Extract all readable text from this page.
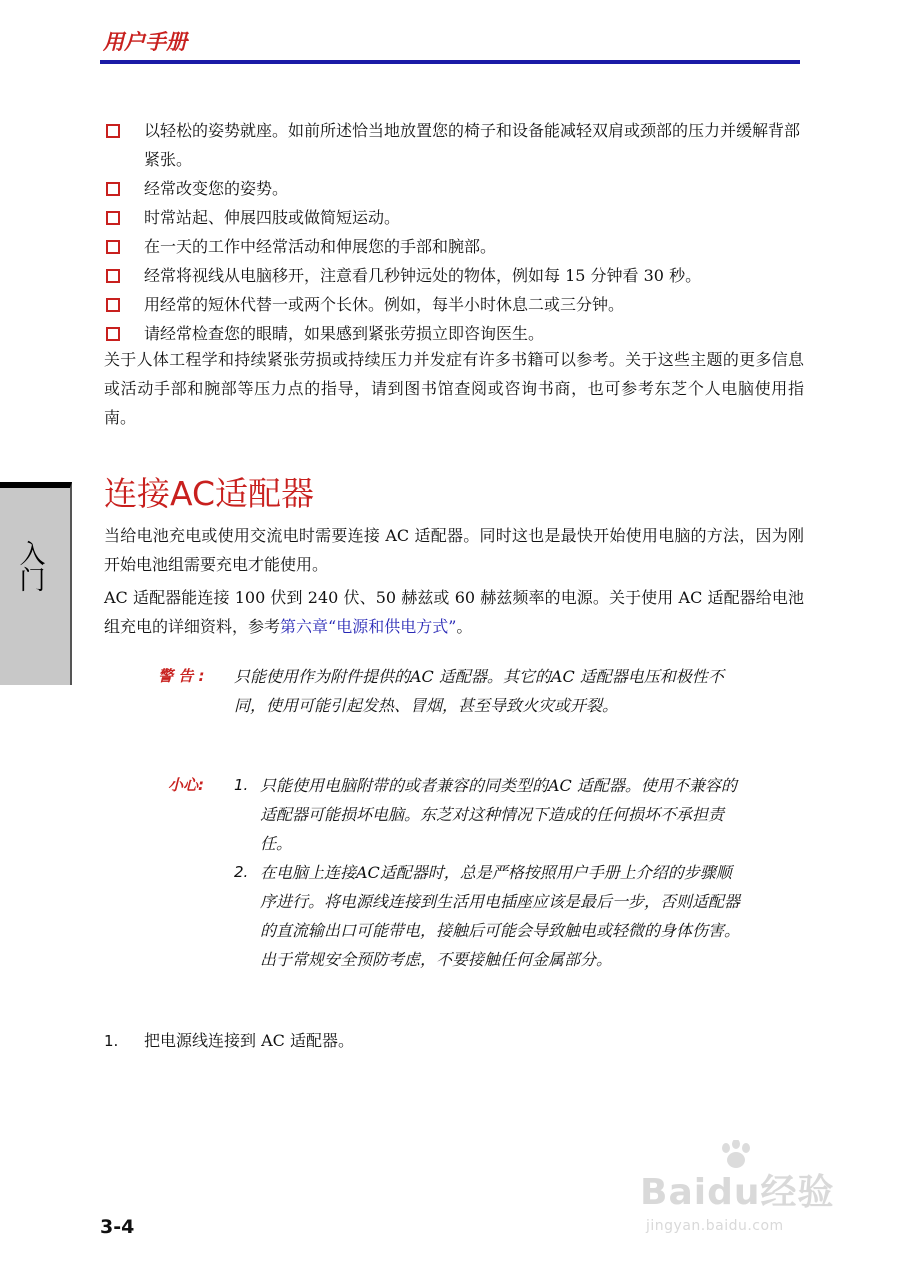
用户手册
以轻松的姿势就座。如前所述恰当地放置您的椅子和设备能减轻双肩或颈部的压力并缓解背部紧张。
经常改变您的姿势。
时常站起、伸展四肢或做简短运动。
在一天的工作中经常活动和伸展您的手部和腕部。
经常将视线从电脑移开，注意看几秒钟远处的物体，例如每 15 分钟看 30 秒。
用经常的短休代替一或两个长休。例如，每半小时休息二或三分钟。
请经常检查您的眼睛，如果感到紧张劳损立即咨询医生。
关于人体工程学和持续紧张劳损或持续压力并发症有许多书籍可以参考。关于这些主题的更多信息或活动手部和腕部等压力点的指导，请到图书馆查阅或咨询书商，也可参考东芝个人电脑使用指南。
入门
连接AC适配器
当给电池充电或使用交流电时需要连接 AC 适配器。同时这也是最快开始使用电脑的方法，因为刚开始电池组需要充电才能使用。
AC 适配器能连接 100 伏到 240 伏、50 赫兹或 60 赫兹频率的电源。关于使用 AC 适配器给电池组充电的详细资料，参考第六章“电源和供电方式”。
警 告 : 只能使用作为附件提供的AC 适配器。其它的AC 适配器电压和极性不同，使用可能引起发热、冒烟，甚至导致火灾或开裂。
小心: 1. 只能使用电脑附带的或者兼容的同类型的AC 适配器。使用不兼容的适配器可能损坏电脑。东芝对这种情况下造成的任何损坏不承担责任。
2. 在电脑上连接AC适配器时，总是严格按照用户手册上介绍的步骤顺序进行。将电源线连接到生活用电插座应该是最后一步，否则适配器的直流输出口可能带电，接触后可能会导致触电或轻微的身体伤害。出于常规安全预防考虑，不要接触任何金属部分。
1. 把电源线连接到 AC 适配器。
3-4
Baidu经验
jingyan.baidu.com
